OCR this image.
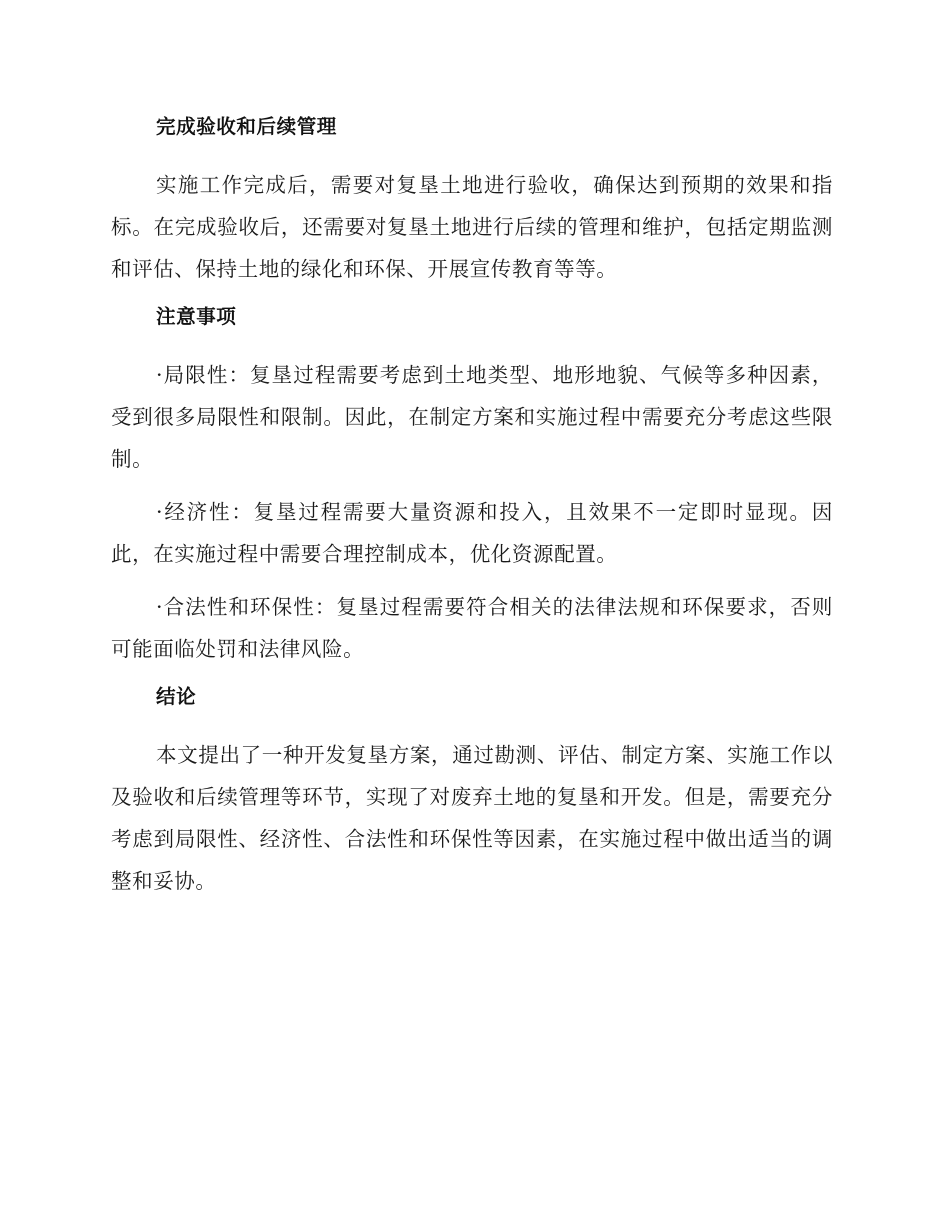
完成验收和后续管理

实施工作完成后，需要对复垦土地进行验收，确保达到预期的效果和指标。在完成验收后，还需要对复垦土地进行后续的管理和维护，包括定期监测和评估、保持土地的绿化和环保、开展宣传教育等等。

注意事项

·局限性：复垦过程需要考虑到土地类型、地形地貌、气候等多种因素，受到很多局限性和限制。因此，在制定方案和实施过程中需要充分考虑这些限制。

·经济性：复垦过程需要大量资源和投入，且效果不一定即时显现。因此，在实施过程中需要合理控制成本，优化资源配置。

·合法性和环保性：复垦过程需要符合相关的法律法规和环保要求，否则可能面临处罚和法律风险。

结论

本文提出了一种开发复垦方案，通过勘测、评估、制定方案、实施工作以及验收和后续管理等环节，实现了对废弃土地的复垦和开发。但是，需要充分考虑到局限性、经济性、合法性和环保性等因素，在实施过程中做出适当的调整和妥协。
